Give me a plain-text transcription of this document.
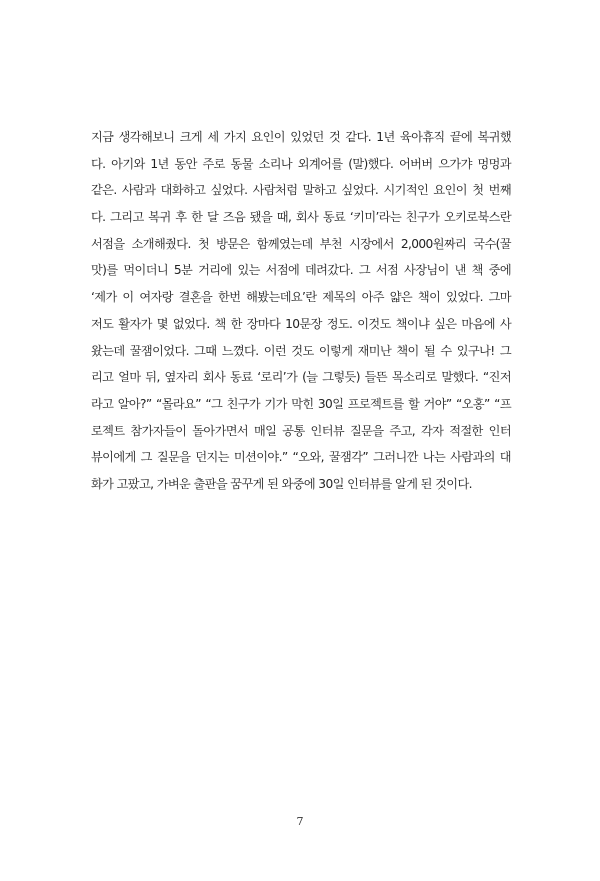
지금 생각해보니 크게 세 가지 요인이 있었던 것 같다. 1년 육아휴직 끝에 복귀했
다. 아기와 1년 동안 주로 동물 소리나 외계어를 (말)했다. 어버버 으가갸 멍멍과
같은. 사람과 대화하고 싶었다. 사람처럼 말하고 싶었다. 시기적인 요인이 첫 번째
다. 그리고 복귀 후 한 달 즈음 됐을 때, 회사 동료 ‘키미’라는 친구가 오키로북스란
서점을 소개해줬다. 첫 방문은 함께였는데 부천 시장에서 2,000원짜리 국수(꿀
맛)를 먹이더니 5분 거리에 있는 서점에 데려갔다. 그 서점 사장님이 낸 책 중에
‘제가 이 여자랑 결혼을 한번 해봤는데요’란 제목의 아주 얇은 책이 있었다. 그마
저도 활자가 몇 없었다. 책 한 장마다 10문장 정도. 이것도 책이냐 싶은 마음에 사
왔는데 꿀잼이었다. 그때 느꼈다. 이런 것도 이렇게 재미난 책이 될 수 있구나! 그
리고 얼마 뒤, 옆자리 회사 동료 ‘로리’가 (늘 그렇듯) 들뜬 목소리로 말했다. “진저
라고 알아?” “몰라요” “그 친구가 기가 막힌 30일 프로젝트를 할 거야” “오홍” “프
로젝트 참가자들이 돌아가면서 매일 공통 인터뷰 질문을 주고, 각자 적절한 인터
뷰이에게 그 질문을 던지는 미션이야.” “오와, 꿀잼각” 그러니깐 나는 사람과의 대
화가 고팠고, 가벼운 출판을 꿈꾸게 된 와중에 30일 인터뷰를 알게 된 것이다.
7
